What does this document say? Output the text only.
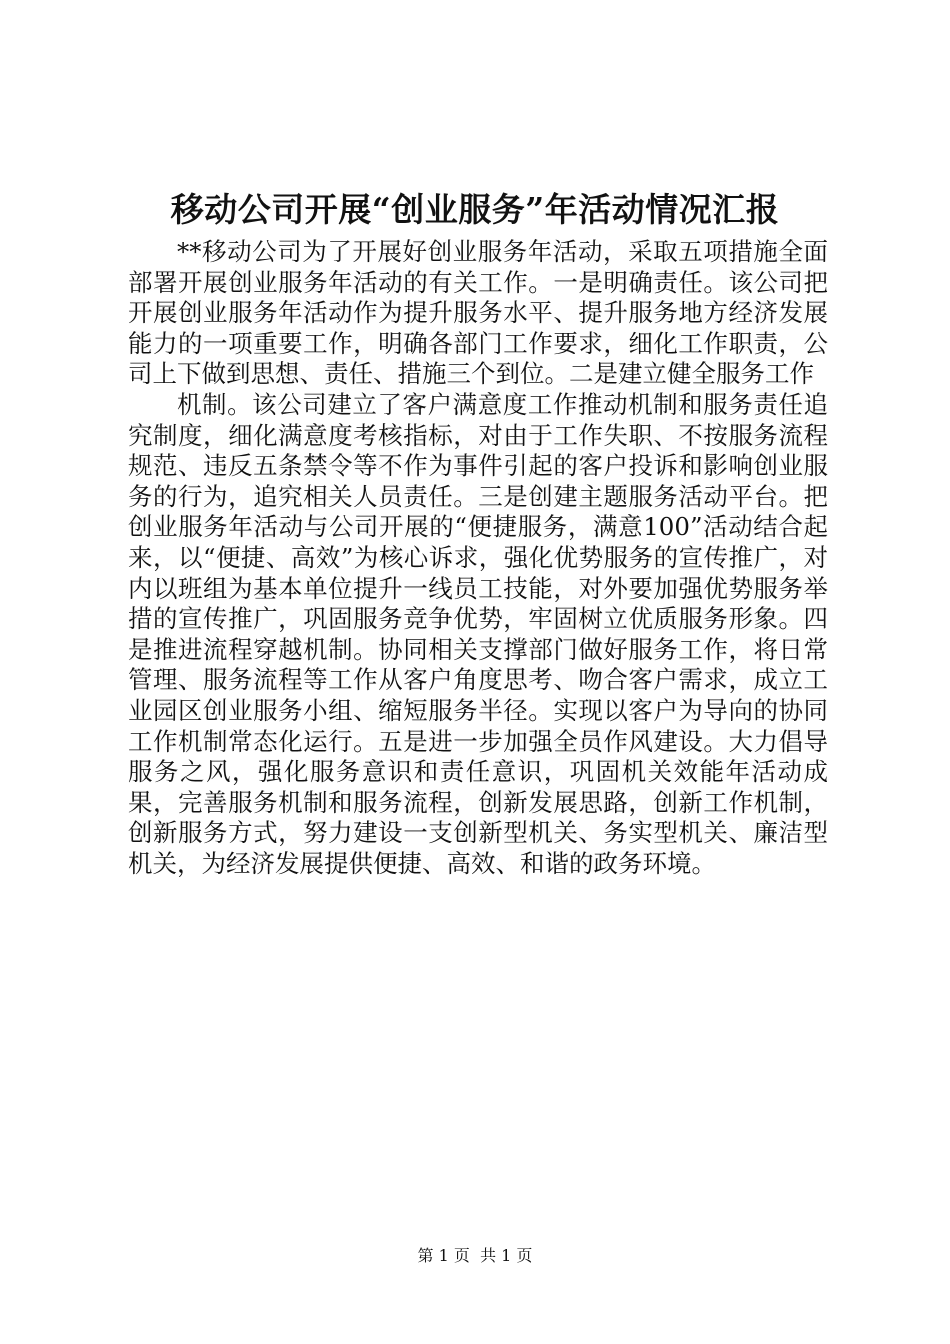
移动公司开展“创业服务”年活动情况汇报

**移动公司为了开展好创业服务年活动，采取五项措施全面部署开展创业服务年活动的有关工作。一是明确责任。该公司把开展创业服务年活动作为提升服务水平、提升服务地方经济发展能力的一项重要工作，明确各部门工作要求，细化工作职责，公司上下做到思想、责任、措施三个到位。二是建立健全服务工作

机制。该公司建立了客户满意度工作推动机制和服务责任追究制度，细化满意度考核指标，对由于工作失职、不按服务流程规范、违反五条禁令等不作为事件引起的客户投诉和影响创业服务的行为，追究相关人员责任。三是创建主题服务活动平台。把创业服务年活动与公司开展的“便捷服务，满意100”活动结合起来，以“便捷、高效”为核心诉求，强化优势服务的宣传推广，对内以班组为基本单位提升一线员工技能，对外要加强优势服务举措的宣传推广，巩固服务竞争优势，牢固树立优质服务形象。四是推进流程穿越机制。协同相关支撑部门做好服务工作，将日常管理、服务流程等工作从客户角度思考、吻合客户需求，成立工业园区创业服务小组、缩短服务半径。实现以客户为导向的协同工作机制常态化运行。五是进一步加强全员作风建设。大力倡导服务之风，强化服务意识和责任意识，巩固机关效能年活动成果，完善服务机制和服务流程，创新发展思路，创新工作机制，创新服务方式，努力建设一支创新型机关、务实型机关、廉洁型机关，为经济发展提供便捷、高效、和谐的政务环境。

第 1 页  共 1 页
